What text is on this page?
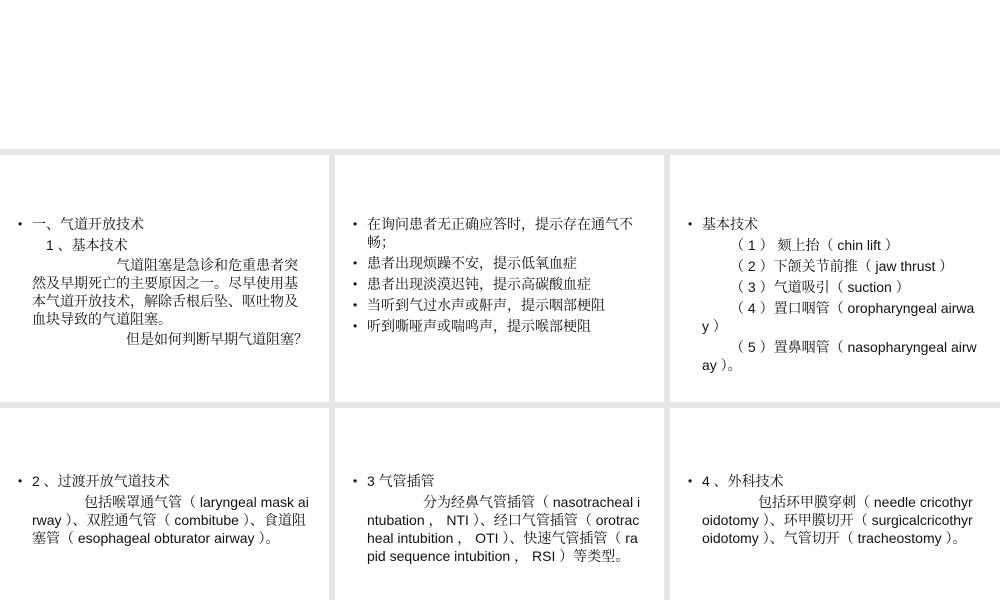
• 一、气道开放技术
1 、基本技术
气道阻塞是急诊和危重患者突然及早期死亡的主要原因之一。尽早使用基本气道开放技术，解除舌根后坠、呕吐物及血块导致的气道阻塞。
但是如何判断早期气道阻塞？
• 在询问患者无正确应答时，提示存在通气不畅；
• 患者出现烦躁不安，提示低氧血症
• 患者出现淡漠迟钝，提示高碳酸血症
• 当听到气过水声或鼾声，提示咽部梗阻
• 听到嘶哑声或喘鸣声，提示喉部梗阻
• 基本技术
（ 1 ） 颏上抬（ chin lift ）
（ 2 ）下颌关节前推（ jaw thrust ）
（ 3 ）气道吸引（ suction ）
（ 4 ）置口咽管（ oropharyngeal airway ）
（ 5 ）置鼻咽管（ nasopharyngeal airway ）。
• 2 、过渡开放气道技术
包括喉罩通气管（ laryngeal mask airway ）、双腔通气管（ combitube ）、食道阻塞管（ esophageal obturator airway ）。
• 3 气管插管
分为经鼻气管插管（ nasotracheal intubation ， NTI ）、经口气管插管（ orotracheal intubition ， OTI ）、快速气管插管（ rapid sequence intubition ， RSI ）等类型。
• 4 、外科技术
包括环甲膜穿刺（ needle cricothyroidotomy ）、环甲膜切开（ surgicalcricothyroidotomy ）、气管切开（ tracheostomy ）。
